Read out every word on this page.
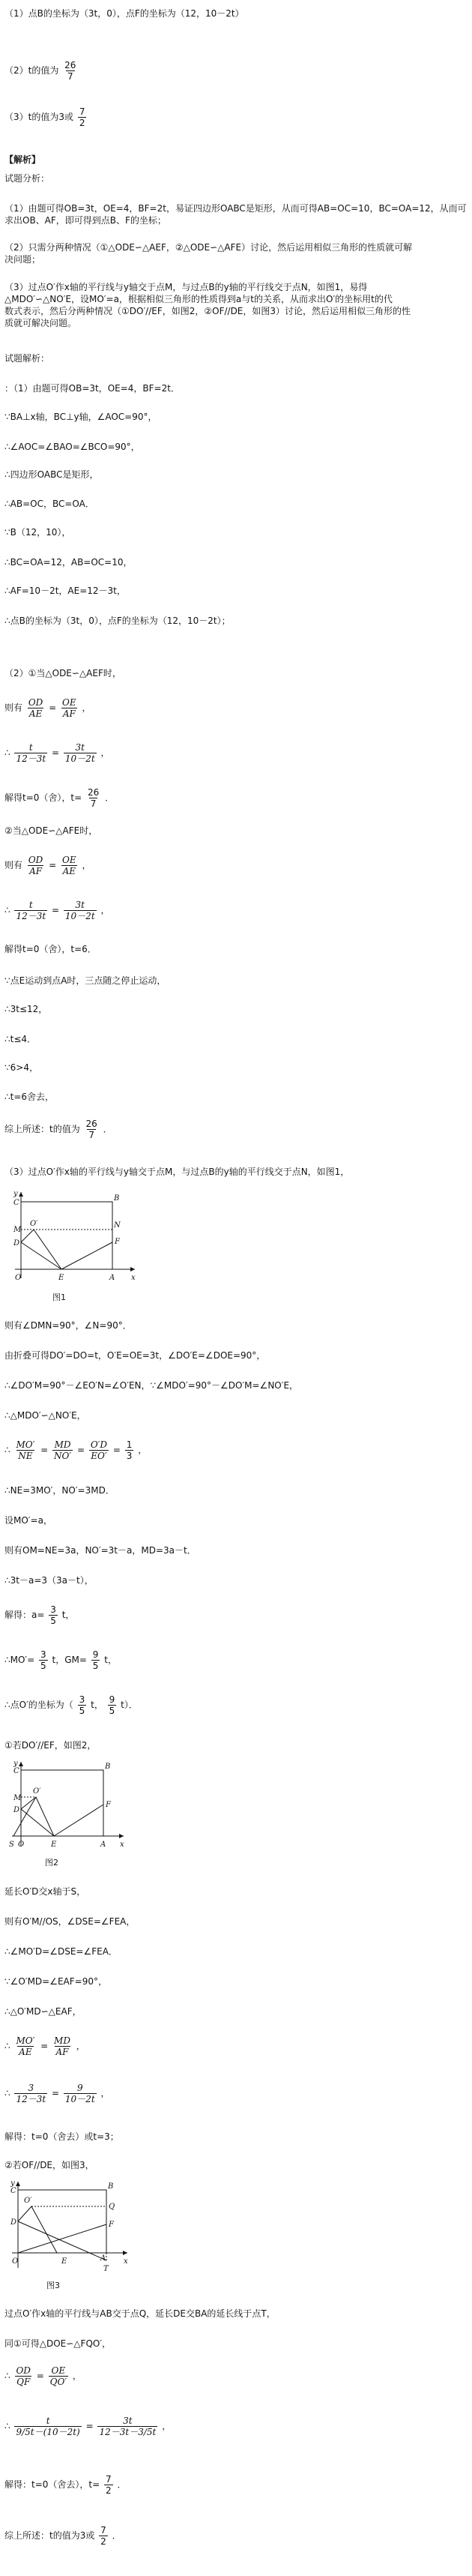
（1）点B的坐标为（3t，0），点F的坐标为（12，10－2t）
（2）t的值为 $\frac{26}{7}$
（3）t的值为3或 $\frac{7}{2}$
【解析】
试题分析：
（1）由题可得OB=3t，OE=4，BF=2t，易证四边形OABC是矩形，从而可得AB=OC=10，BC=OA=12，从而可
求出OB、AF，即可得到点B、F的坐标；
（2）只需分两种情况（①△ODE∽△AEF，②△ODE∽△AFE）讨论，然后运用相似三角形的性质就可解
决问题；
（3）过点O′作x轴的平行线与y轴交于点M，与过点B的y轴的平行线交于点N，如图1，易得
△MDO′∽△NO′E，设MO′=a，根据相似三角形的性质得到a与t的关系，从而求出O′的坐标用t的代
数式表示，然后分两种情况（①DO′//EF，如图2，②OF//DE，如图3）讨论，然后运用相似三角形的性
质就可解决问题。
试题解析：
：（1）由题可得OB=3t，OE=4，BF=2t．
∵BA⊥x轴，BC⊥y轴，∠AOC=90°，
∴∠AOC=∠BAO=∠BCO=90°，
∴四边形OABC是矩形，
∴AB=OC，BC=OA．
∵B（12，10），
∴BC=OA=12，AB=OC=10，
∴AF=10－2t，AE=12－3t，
∴点B的坐标为（3t，0），点F的坐标为（12，10－2t）；
（2）①当△ODE∽△AEF时，
则有 $\frac{OD}{AE} = \frac{OE}{AF}$ ，
∴ $\frac{t}{12-3t} = \frac{3t}{10-2t}$ ，
解得t=0（舍），$t= \frac{26}{7}$ ．
②当△ODE∽△AFE时，
则有 $\frac{OD}{AF} = \frac{OE}{AE}$ ，
∴ $\frac{t}{12-3t} = \frac{3t}{10-2t}$ ，
解得t=0（舍），t=6．
∵点E运动到点A时，三点随之停止运动，
∴3t≤12，
∴t≤4．
∵6>4，
∴t=6舍去，
综上所述：t的值为 $\frac{26}{7}$ ．
（3）过点O′作x轴的平行线与y轴交于点M，与过点B的y轴的平行线交于点N，如图1，
y
C
B
M
D
O′	N
F
O	E	A x
图1
则有∠DMN=90°，∠N=90°．
由折叠可得DO′=DO=t，O′E=OE=3t，∠DO′E=∠DOE=90°，
∴∠DO′M=90°－∠EO′N=∠O′EN，∵∠MDO′=90°－∠DO′M=∠NO′E，
∴△MDO′∽△NO′E，
∴ $\frac{MO'}{NE} = \frac{MD}{NO'} = \frac{O'D}{EO'} = \frac{1}{3}$ ，
∴NE=3MO′，NO′=3MD．
设MO′=a，
则有OM=NE=3a，NO′=3t－a，MD=3a－t．
∴3t－a=3（3a－t），
解得：$a= \frac{3}{5}$ t，
∴MO′= $\frac{3}{5}$ t，$GM= \frac{9}{5}$ t，
∴点O′的坐标为（ $\frac{3}{5}$ t， $\frac{9}{5} t$）．
①若DO′//EF，如图2，
y
C
B
M
D
O′
F
S O	E	A x
图2
延长O′D交x轴于S，
则有O′M//OS，∠DSE=∠FEA，
∴∠MO′D=∠DSE=∠FEA．
∵∠O′MD=∠EAF=90°，
∴△O′MD∽△EAF，
∴ $\frac{MO'}{AE} = \frac{MD}{AF}$ ，
∴ $\frac{3}{12-3t} = \frac{9}{10-2t}$ ，
解得：t=0（舍去）或t=3；
②若OF//DE，如图3，
y
C
B
O′
Q
D	F
O	E	A
T
x
图3
过点O′作x轴的平行线与AB交于点Q，延长DE交BA的延长线于点T，
同①可得△DOE∽△FQO′，
∴ $\frac{OD}{QF} = \frac{OE}{QO'}$ ，
∴ $\frac{t}{9/5t-(10-2t)} = \frac{3t}{12-3t-3/5t}$ ，
解得：t=0（舍去），$t= \frac{7}{2}$ ．
综上所述：t的值为3或 $\frac{7}{2}$ ．
